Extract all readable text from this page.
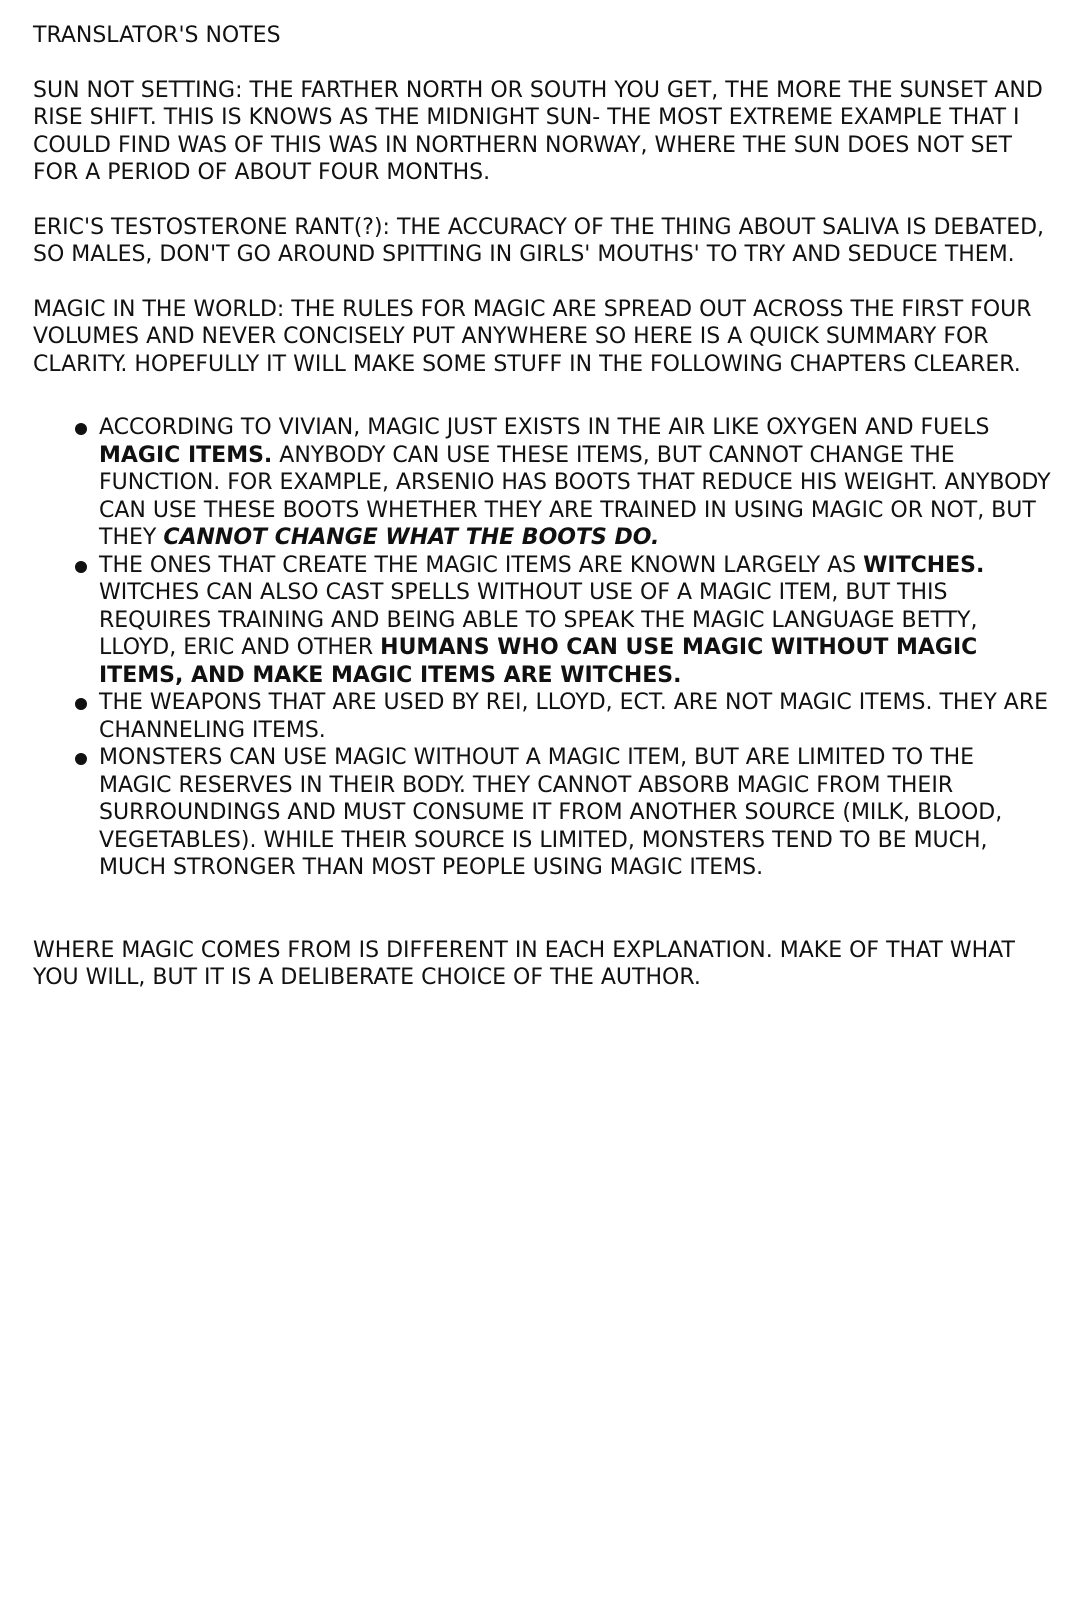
TRANSLATOR'S NOTES

SUN NOT SETTING: THE FARTHER NORTH OR SOUTH YOU GET, THE MORE THE SUNSET AND RISE SHIFT. THIS IS KNOWS AS THE MIDNIGHT SUN- THE MOST EXTREME EXAMPLE THAT I COULD FIND WAS OF THIS WAS IN NORTHERN NORWAY, WHERE THE SUN DOES NOT SET FOR A PERIOD OF ABOUT FOUR MONTHS.

ERIC'S TESTOSTERONE RANT(?): THE ACCURACY OF THE THING ABOUT SALIVA IS DEBATED, SO MALES, DON'T GO AROUND SPITTING IN GIRLS' MOUTHS' TO TRY AND SEDUCE THEM.

MAGIC IN THE WORLD: THE RULES FOR MAGIC ARE SPREAD OUT ACROSS THE FIRST FOUR VOLUMES AND NEVER CONCISELY PUT ANYWHERE SO HERE IS A QUICK SUMMARY FOR CLARITY. HOPEFULLY IT WILL MAKE SOME STUFF IN THE FOLLOWING CHAPTERS CLEARER.

ACCORDING TO VIVIAN, MAGIC JUST EXISTS IN THE AIR LIKE OXYGEN AND FUELS MAGIC ITEMS. ANYBODY CAN USE THESE ITEMS, BUT CANNOT CHANGE THE FUNCTION. FOR EXAMPLE, ARSENIO HAS BOOTS THAT REDUCE HIS WEIGHT. ANYBODY CAN USE THESE BOOTS WHETHER THEY ARE TRAINED IN USING MAGIC OR NOT, BUT THEY CANNOT CHANGE WHAT THE BOOTS DO.
THE ONES THAT CREATE THE MAGIC ITEMS ARE KNOWN LARGELY AS WITCHES. WITCHES CAN ALSO CAST SPELLS WITHOUT USE OF A MAGIC ITEM, BUT THIS REQUIRES TRAINING AND BEING ABLE TO SPEAK THE MAGIC LANGUAGE BETTY, LLOYD, ERIC AND OTHER HUMANS WHO CAN USE MAGIC WITHOUT MAGIC ITEMS, AND MAKE MAGIC ITEMS ARE WITCHES.
THE WEAPONS THAT ARE USED BY REI, LLOYD, ECT. ARE NOT MAGIC ITEMS. THEY ARE CHANNELING ITEMS.
MONSTERS CAN USE MAGIC WITHOUT A MAGIC ITEM, BUT ARE LIMITED TO THE MAGIC RESERVES IN THEIR BODY. THEY CANNOT ABSORB MAGIC FROM THEIR SURROUNDINGS AND MUST CONSUME IT FROM ANOTHER SOURCE (MILK, BLOOD, VEGETABLES). WHILE THEIR SOURCE IS LIMITED, MONSTERS TEND TO BE MUCH, MUCH STRONGER THAN MOST PEOPLE USING MAGIC ITEMS.

WHERE MAGIC COMES FROM IS DIFFERENT IN EACH EXPLANATION. MAKE OF THAT WHAT YOU WILL, BUT IT IS A DELIBERATE CHOICE OF THE AUTHOR.
